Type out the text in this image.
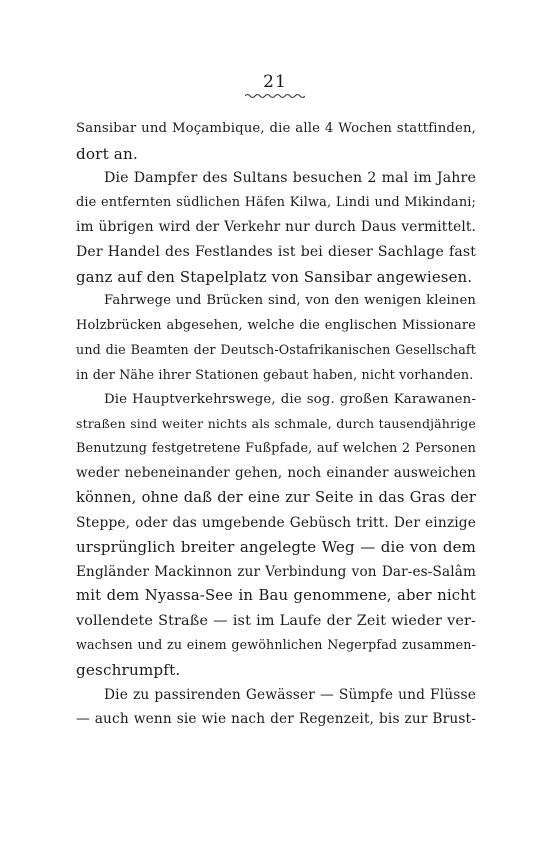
21

Sansibar und Moçambique, die alle 4 Wochen stattfinden,
dort an.

Die Dampfer des Sultans besuchen 2 mal im Jahre
die entfernten südlichen Häfen Kilwa, Lindi und Mikindani;
im übrigen wird der Verkehr nur durch Daus vermittelt.
Der Handel des Festlandes ist bei dieser Sachlage fast
ganz auf den Stapelplatz von Sansibar angewiesen.

Fahrwege und Brücken sind, von den wenigen kleinen
Holzbrücken abgesehen, welche die englischen Missionare
und die Beamten der Deutsch-Ostafrikanischen Gesellschaft
in der Nähe ihrer Stationen gebaut haben, nicht vorhanden.

Die Hauptverkehrswege, die sog. großen Karawanen-
straßen sind weiter nichts als schmale, durch tausendjährige
Benutzung festgetretene Fußpfade, auf welchen 2 Personen
weder nebeneinander gehen, noch einander ausweichen
können, ohne daß der eine zur Seite in das Gras der
Steppe, oder das umgebende Gebüsch tritt. Der einzige
ursprünglich breiter angelegte Weg — die von dem
Engländer Mackinnon zur Verbindung von Dar-es-Salâm
mit dem Nyassa-See in Bau genommene, aber nicht
vollendete Straße — ist im Laufe der Zeit wieder ver-
wachsen und zu einem gewöhnlichen Negerpfad zusammen-
geschrumpft.

Die zu passirenden Gewässer — Sümpfe und Flüsse
— auch wenn sie wie nach der Regenzeit, bis zur Brust-
